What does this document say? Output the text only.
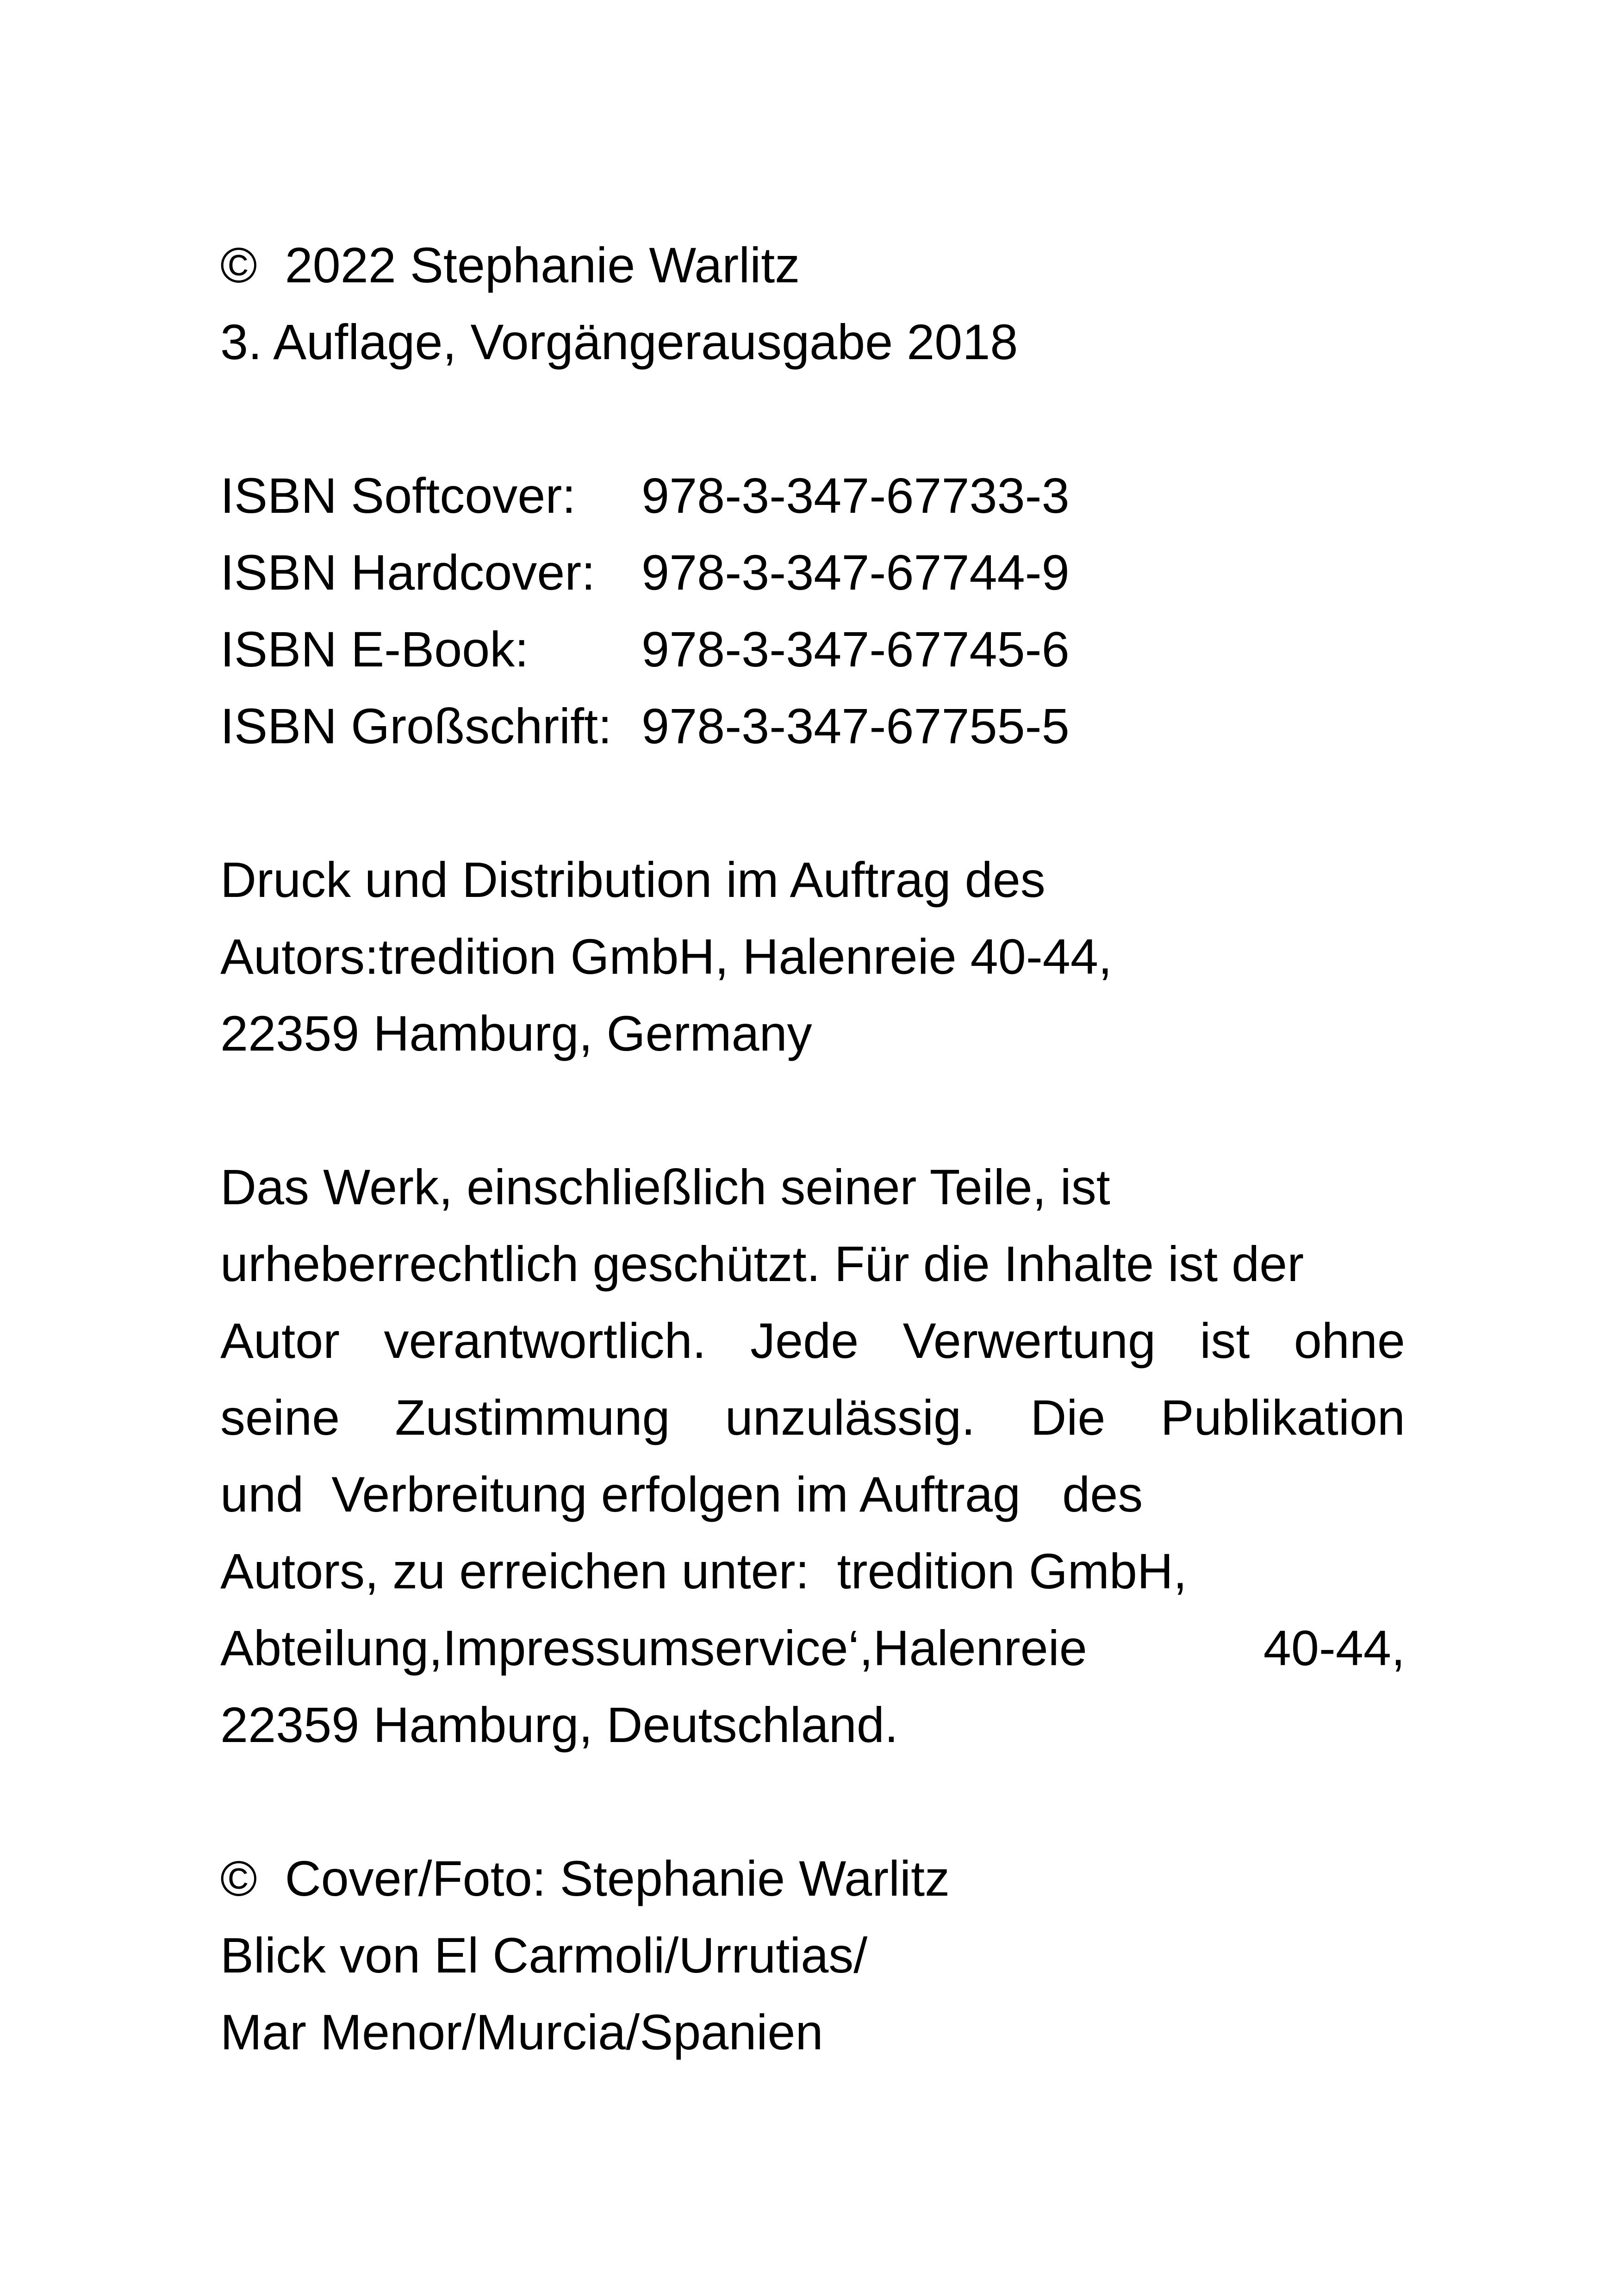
©  2022 Stephanie Warlitz
3. Auflage, Vorgängerausgabe 2018
ISBN Softcover:	978-3-347-67733-3
ISBN Hardcover: 978-3-347-67744-9
ISBN E-Book:	978-3-347-67745-6
ISBN Großschrift: 978-3-347-67755-5
Druck und Distribution im Auftrag des
Autors:tredition GmbH, Halenreie 40-44,
22359 Hamburg, Germany
Das Werk, einschließlich seiner Teile, ist
urheberrechtlich geschützt. Für die Inhalte ist der
Autor verantwortlich. Jede Verwertung ist ohne
seine Zustimmung unzulässig. Die Publikation
und  Verbreitung erfolgen im Auftrag   des
Autors, zu erreichen unter:  tredition GmbH,
Abteilung,Impressumservice‘,Halenreie 40-44,
22359 Hamburg, Deutschland.
©  Cover/Foto: Stephanie Warlitz
Blick von El Carmoli/Urrutias/
Mar Menor/Murcia/Spanien
